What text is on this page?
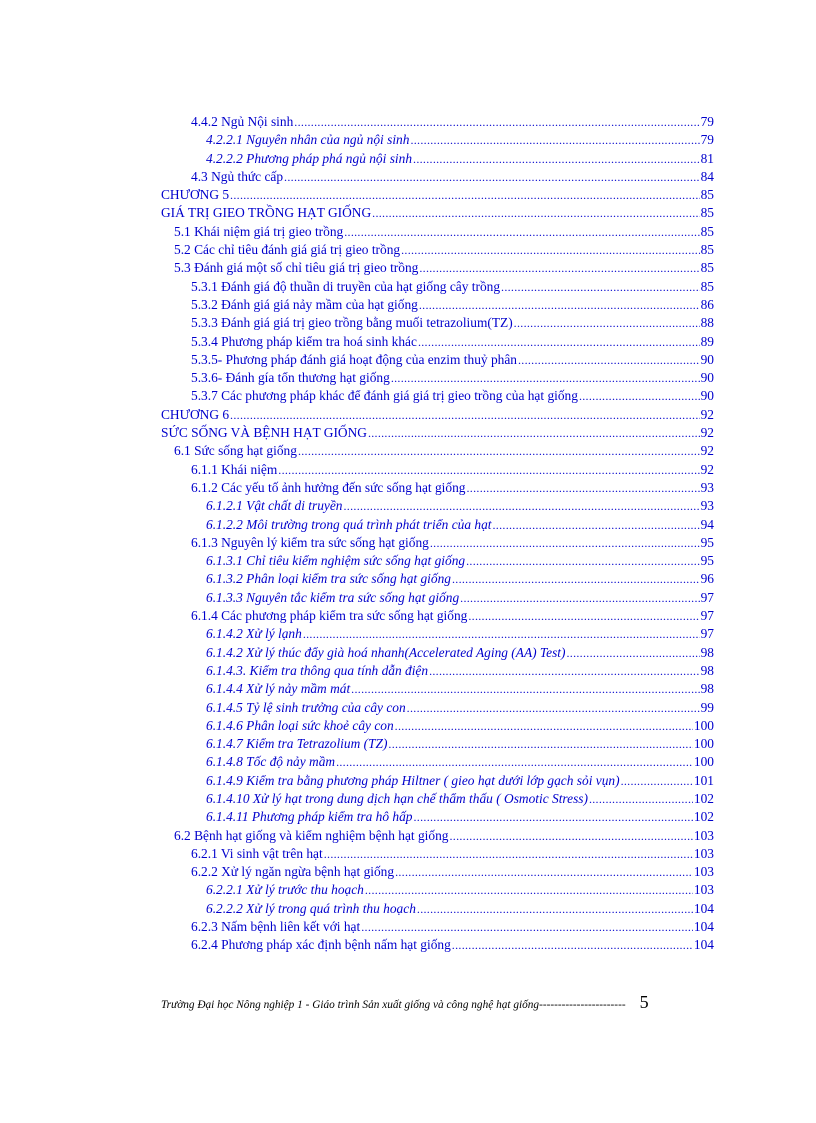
4.4.2 Ngủ Nội sinh .....	79
4.2.2.1 Nguyên nhân của ngủ nội sinh .....	79
4.2.2.2 Phương pháp phá ngủ nội sinh .....	81
4.3 Ngủ thức cấp .....	84
CHƯƠNG 5 .....	85
GIÁ TRỊ GIEO TRỒNG HẠT GIỐNG .....	85
5.1 Khái niệm giá trị gieo trồng .....	85
5.2 Các chỉ tiêu đánh giá giá trị gieo trồng .....	85
5.3 Đánh giá một số chỉ tiêu giá trị gieo trồng .....	85
5.3.1 Đánh giá độ thuần di truyền của hạt giống cây trồng .....	85
5.3.2 Đánh giá giá nảy mầm của hạt giống .....	86
5.3.3 Đánh giá giá trị gieo trồng bằng muối tetrazolium(TZ) .....	88
5.3.4 Phương pháp kiểm tra hoá sinh khác .....	89
5.3.5- Phương pháp đánh giá hoạt động của enzim thuỷ phân .....	90
5.3.6- Đánh gía tổn thương hạt giống .....	90
5.3.7 Các phương pháp khác để đánh giá giá trị gieo trồng của hạt giống .....	90
CHƯƠNG 6 .....	92
SỨC SỐNG VÀ BỆNH HẠT GIỐNG .....	92
6.1 Sức sống hạt giống .....	92
6.1.1 Khái niệm .....	92
6.1.2 Các yếu tố ảnh hưởng đến sức sống hạt giống .....	93
6.1.2.1 Vật chất di truyền .....	93
6.1.2.2 Môi trường trong quá trình phát triển của hạt .....	94
6.1.3 Nguyên lý kiểm tra sức sống hạt giống .....	95
6.1.3.1 Chỉ tiêu kiểm nghiệm sức sống hạt giống .....	95
6.1.3.2 Phân loại kiểm tra sức sống hạt giống .....	96
6.1.3.3 Nguyên tắc kiểm tra sức sống hạt giống .....	97
6.1.4 Các phương pháp kiểm tra sức sống hạt giống .....	97
6.1.4.2 Xử lý lạnh .....	97
6.1.4.2 Xử lý thúc đẩy già hoá nhanh(Accelerated Aging (AA) Test) .....	98
6.1.4.3. Kiểm tra thông qua tính dẫn điện .....	98
6.1.4.4 Xử lý nảy mầm mát .....	98
6.1.4.5 Tỷ lệ sinh trưởng của cây con .....	99
6.1.4.6 Phân loại sức khoẻ cây con .....	100
6.1.4.7 Kiểm tra Tetrazolium (TZ) .....	100
6.1.4.8 Tốc độ nảy mầm .....	100
6.1.4.9 Kiểm tra bằng phương pháp Hiltner ( gieo hạt dưới lớp gạch sỏi vụn) .....	101
6.1.4.10 Xử lý hạt trong dung dịch hạn chế thẩm thấu ( Osmotic Stress) .....	102
6.1.4.11 Phương pháp kiểm tra hô hấp .....	102
6.2 Bệnh hạt giống và kiểm nghiệm bệnh hạt giống .....	103
6.2.1 Vi sinh vật trên hạt .....	103
6.2.2 Xử lý ngăn ngừa bệnh hạt giống .....	103
6.2.2.1 Xử lý trước thu hoạch .....	103
6.2.2.2 Xử lý trong quá trình thu hoạch .....	104
6.2.3 Nấm bệnh liên kết với hạt .....	104
6.2.4 Phương pháp xác định bệnh nấm hạt giống .....	104
Trường Đại học Nông nghiệp 1 - Giáo trình Sản xuất giống và công nghệ hạt giống----------------------- 5
